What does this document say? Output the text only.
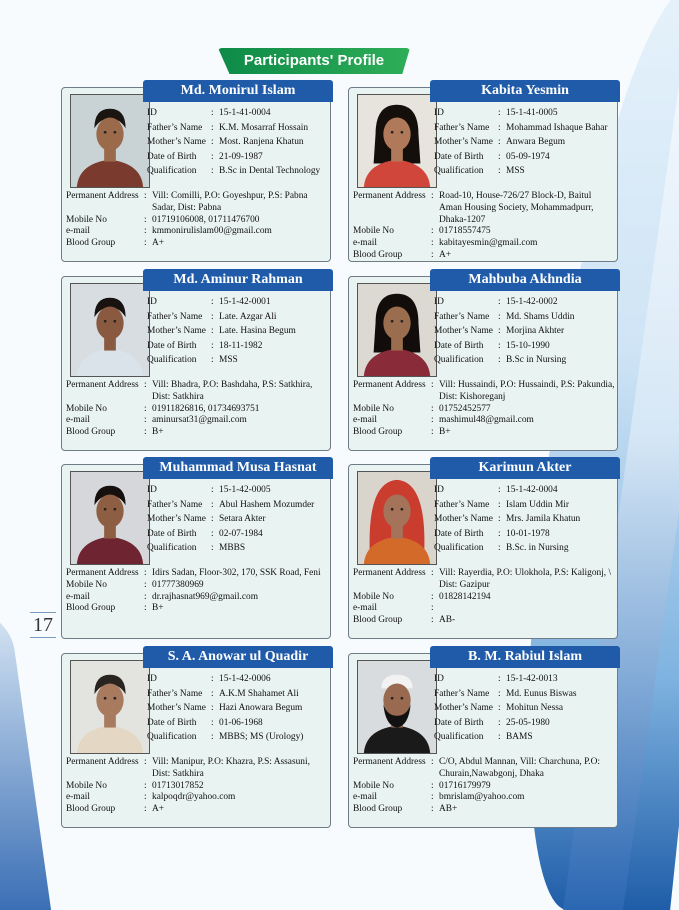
Participants' Profile
17
Md. Monirul Islam
ID	: 15-1-41-0004
Father’s Name : K.M. Mosarraf Hossain
Mother’s Name : Most. Ranjena Khatun
Date of Birth	: 21-09-1987
Qualification	: B.Sc in Dental Technology
Permanent Address : Vill: Comilli, P.O: Goyeshpur, P.S: Pabna Sadar, Dist: Pabna
Mobile No	: 01719106008, 01711476700
e-mail	: kmmonirulislam00@gmail.com
Blood Group	: A+
Kabita Yesmin
ID	: 15-1-41-0005
Father’s Name : Mohammad Ishaque Bahar
Mother’s Name : Anwara Begum
Date of Birth	: 05-09-1974
Qualification	: MSS
Permanent Address : Road-10, House-726/27 Block-D, Baitul Aman Housing Society, Mohammadpurr, Dhaka-1207
Mobile No	: 01718557475
e-mail	: kabitayesmin@gmail.com
Blood Group	: A+
Md. Aminur Rahman
ID	: 15-1-42-0001
Father’s Name : Late. Azgar Ali
Mother’s Name : Late. Hasina Begum
Date of Birth	: 18-11-1982
Qualification	: MSS
Permanent Address : Vill: Bhadra, P.O: Bashdaha, P.S: Satkhira, Dist: Satkhira
Mobile No	: 01911826816, 01734693751
e-mail	: aminursat31@gmail.com
Blood Group	: B+
Mahbuba Akhndia
ID	: 15-1-42-0002
Father’s Name : Md. Shams Uddin
Mother’s Name : Morjina Akhter
Date of Birth	: 15-10-1990
Qualification	: B.Sc in Nursing
Permanent Address : Vill: Hussaindi, P.O: Hussaindi, P.S: Pakundia, Dist: Kishoreganj
Mobile No	: 01752452577
e-mail	: mashimul48@gmail.com
Blood Group	: B+
Muhammad Musa Hasnat
ID	: 15-1-42-0005
Father’s Name : Abul Hashem Mozumder
Mother’s Name : Setara Akter
Date of Birth	: 02-07-1984
Qualification	: MBBS
Permanent Address : Idirs Sadan, Floor-302, 170, SSK Road, Feni
Mobile No	: 01777380969
e-mail	: dr.rajhasnat969@gmail.com
Blood Group	: B+
Karimun Akter
ID	: 15-1-42-0004
Father’s Name : Islam Uddin Mir
Mother’s Name : Mrs. Jamila Khatun
Date of Birth	: 10-01-1978
Qualification	: B.Sc. in Nursing
Permanent Address : Vill: Rayerdia, P.O: Ulokhola, P.S: Kaligonj, \ Dist: Gazipur
Mobile No	: 01828142194
e-mail	:
Blood Group	: AB-
S. A. Anowar ul Quadir
ID	: 15-1-42-0006
Father’s Name : A.K.M Shahamet Ali
Mother’s Name : Hazi Anowara Begum
Date of Birth	: 01-06-1968
Qualification	: MBBS; MS (Urology)
Permanent Address : Vill: Manipur, P.O: Khazra, P.S: Assasuni, Dist: Satkhira
Mobile No	: 01713017852
e-mail	: kalpoqdr@yahoo.com
Blood Group	: A+
B. M. Rabiul Islam
ID	: 15-1-42-0013
Father’s Name : Md. Eunus Biswas
Mother’s Name : Mohitun Nessa
Date of Birth	: 25-05-1980
Qualification	: BAMS
Permanent Address : C/O, Abdul Mannan, Vill: Charchuna, P.O: Churain,Nawabgonj, Dhaka
Mobile No	: 01716179979
e-mail	: bmrislam@yahoo.com
Blood Group	: AB+
